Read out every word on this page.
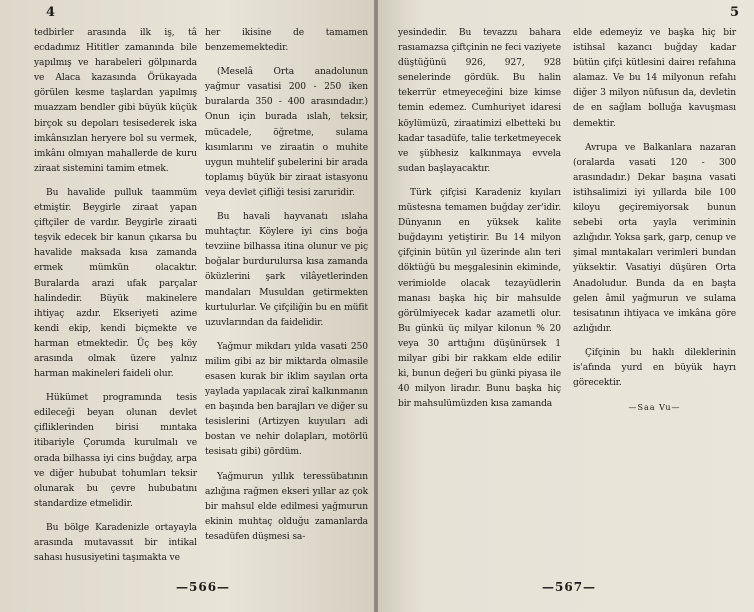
4

tedbirler arasında ilk iş, tâ ecdadımız Hititler zamanında bile yapılmış ve harabeleri gölpınarda ve Alaca kazasında Örükayada görülen kesme taşlardan yapılmış muazzam bendler gibi büyük küçük birçok su depoları tesisederek iska imkânsızlan heryere bol su vermek, imkânı olmıyan mahallerde de kuru ziraat sistemini tamim etmek.

Bu havalide pulluk taammüm etmiştir. Beygirle ziraat yapan çiftçiler de vardır. Beygirle ziraati teşvik edecek bir kanun çıkarsa bu havalide maksada kısa zamanda ermek mümkün olacaktır. Buralarda arazi ufak parçalar halindedir. Büyük makinelere ihtiyaç azdır. Ekseriyeti azime kendi ekip, kendi biçmekte ve harman etmektedir. Üç beş köy arasında olmak üzere yalnız harman makineleri faideli olur.

Hükümet programında tesis edileceği beyan olunan devlet çifliklerinden birisi mıntaka itibariyle Çorumda kurulmalı ve orada bilhassa iyi cins buğday, arpa ve diğer hububat tohumları teksir olunarak bu çevre hububatını standardize etmelidir.

Bu bölge Karadenizle ortayayla arasında mutavassıt bir intikal sahası hususiyetini taşımakta ve

her ikisine de tamamen benzememektedir.

(Meselâ Orta anadolunun yağmur vasatisi 200 - 250 iken buralarda 350 - 400 arasındadır.) Onun için burada ıslah, teksir, mücadele, öğretme, sulama kısımlarını ve ziraatin o muhite uygun muhtelif şubelerini bir arada toplamış büyük bir ziraat istasyonu veya devlet çifliği tesisi zaruridir.

Bu havali hayvanatı ıslaha muhtaçtır. Köylere iyi cins boğa tevziine bilhassa itina olunur ve piç boğalar burdurulursa kısa zamanda öküzlerini şark vilâyetlerinden mandaları Musuldan getirmekten kurtulurlar. Ve çifçiliğin bu en müfit uzuvlarından da faidelidir.

Yağmur mikdarı yılda vasati 250 milim gibi az bir miktarda olmasile esasen kurak bir iklim sayılan orta yaylada yapılacak ziraî kalkınmanın en başında ben barajları ve diğer su tesislerini (Artizyen kuyuları adi bostan ve nehir dolapları, motörlü tesisatı gibi) gördüm.

Yağmurun yıllık teressübatının azlığına rağmen ekseri yıllar az çok bir mahsul elde edilmesi yağmurun ekinin muhtaç olduğu zamanlarda tesadüfen düşmesi sa-

—566—
5

yesindedir. Bu tevazzu bahara rasıamazsa çiftçinin ne feci vaziyete düştüğünü 926, 927, 928 senelerinde gördük. Bu halin tekerrür etmeyeceğini bize kimse temin edemez. Cumhuriyet idaresi köylümüzü, ziraatimizi elbetteki bu kadar tasadüfe, talie terketmeyecek ve şübhesiz kalkınmaya evvela sudan başlayacaktır.

Türk çifçisi Karadeniz kıyıları müstesna temamen buğday zer'idir. Dünyanın en yüksek kalite buğdayını yetiştirir. Bu 14 milyon çifçinin bütün yıl üzerinde alın teri döktüğü bu meşgalesinin ekiminde, verimiolde olacak tezayüdlerin manası başka hiç bir mahsulde görülmiyecek kadar azametli olur. Bu günkü üç milyar kilonun % 20 veya 30 arttığını düşünürsek 1 milyar gibi bir rakkam elde edilir ki, bunun değeri bu günki piyasa ile 40 milyon liradır. Bunu başka hiç bir mahsulümüzden kısa zamanda

elde edemeyiz ve başka hiç bir istihsal kazancı buğday kadar bütün çifçi kütlesini daireı refahına alamaz. Ve bu 14 milyonun refahı diğer 3 milyon nüfusun da, devletin de en sağlam bolluğa kavuşması demektir.

Avrupa ve Balkanlara nazaran (oralarda vasati 120 - 300 arasındadır.) Dekar başına vasati istihsalimizi iyi yıllarda bile 100 kiloyu geçiremiyorsak bunun sebebi orta yayla veriminin azlığıdır. Yoksa şark, garp, cenup ve şimal mıntakaları verimleri bundan yüksektir. Vasatiyi düşüren Orta Anadoludur. Bunda da en başta gelen âmil yağmurun ve sulama tesisatının ihtiyaca ve imkâna göre azlığıdır.

Çifçinin bu haklı dileklerinin is'afında yurd en büyük hayrı görecektir.

—Saa Vu—

—567—
